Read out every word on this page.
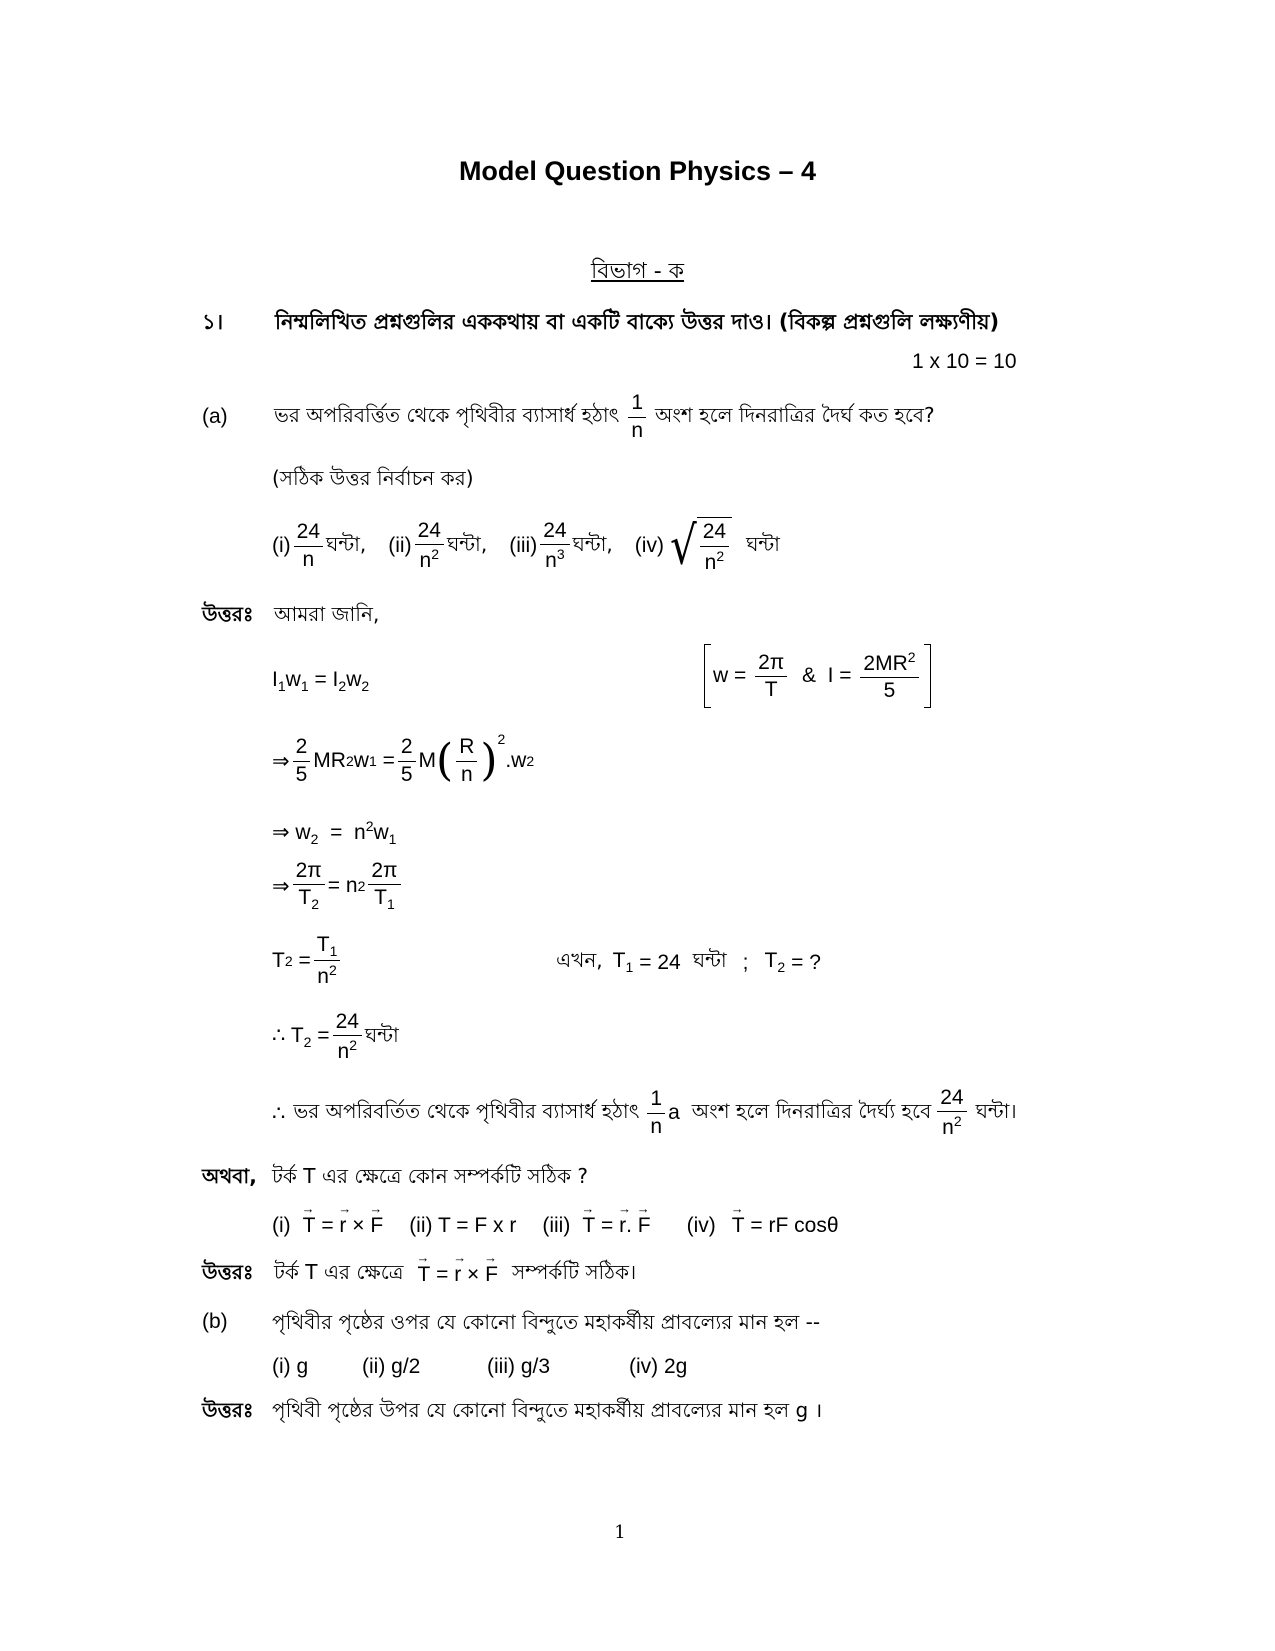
Model Question Physics – 4
বিভাগ - ক
১। নিম্মলিখিত প্রশ্নগুলির এককথায় বা একটি বাক্যে উত্তর দাও। (বিকল্প প্রশ্নগুলি লক্ষ্যণীয়)
1 x 10 = 10
(a) ভর অপরিবর্ত্তিত থেকে পৃথিবীর ব্যাসার্ধ হঠাৎ $\frac{1}{n}$ অংশ হলে দিনরাত্রির দৈর্ঘ কত হবে?
(সঠিক উত্তর নির্বাচন কর)
$(i) \frac{24}{n}$ ঘন্টা, $(ii) \frac{24}{n^2}$ ঘন্টা, $(iii) \frac{24}{n^3}$ ঘন্টা, (iv) √ $\frac{24}{n^2}$ ঘন্টা
উত্তরঃ আমরা জানি,
$I_1w_1 = I_2w_2$	$w = \frac{2\pi}{T}$ &  $I = \frac{2MR^2}{5}$
⇒ $\frac{2}{5}$ MR 2 w $1 = \frac{2}{5}$ M ( $\frac{R}{n} )^2$
.w 2
⇒ $w_2 = n^2w_1$
⇒ $\frac{2\pi}{T_2} = n$ $2 \frac{2\pi}{T_1}$
T $2 = \frac{T_1}{n^2}$	এখন, $T_1 = 24$ ঘন্টা ; $T_2$ = ?
∴ $T_2 = \frac{24}{n^2}$ ঘন্টা
∴ ভর অপরিবর্তিত থেকে পৃথিবীর ব্যাসার্ধ হঠাৎ $\frac{1}{n}$ a অংশ হলে দিনরাত্রির দৈর্ঘ্য হবে $\frac{24}{n^2}$ ঘন্টা।
অথবা, টর্ক T এর ক্ষেত্রে কোন সম্পর্কটি সঠিক ?
(i) → T = → r × → F (ii) T = F x r (iii) → T = → r. → F (iv) → T = rF cosθ
উত্তরঃ	টর্ক T এর ক্ষেত্রে → T = → r × → F সম্পর্কটি সঠিক।
(b) পৃথিবীর পৃষ্ঠের ওপর যে কোনো বিন্দুতে মহাকর্ষীয় প্রাবল্যের মান হল --
(i) g	(ii) g/2	(iii) g/3	(iv) 2g
উত্তরঃ পৃথিবী পৃষ্ঠের উপর যে কোনো বিন্দুতে মহাকর্ষীয় প্রাবল্যের মান হল g ।
1
